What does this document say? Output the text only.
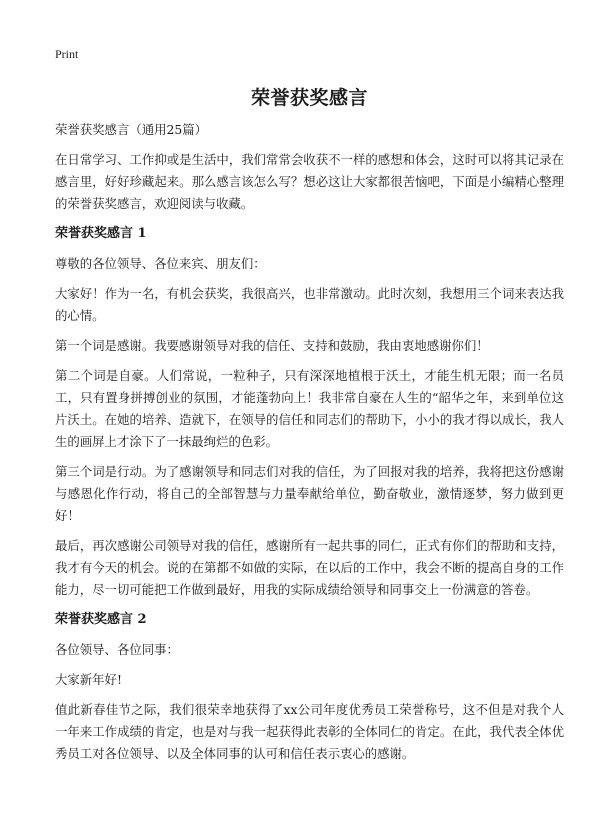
Print

荣誉获奖感言

荣誉获奖感言（通用25篇）

在日常学习、工作抑或是生活中，我们常常会收获不一样的感想和体会，这时可以将其记录在感言里，好好珍藏起来。那么感言该怎么写？想必这让大家都很苦恼吧，下面是小编精心整理的荣誉获奖感言，欢迎阅读与收藏。

荣誉获奖感言 1

尊敬的各位领导、各位来宾、朋友们：

大家好！作为一名，有机会获奖，我很高兴，也非常激动。此时次刻，我想用三个词来表达我的心情。

第一个词是感谢。我要感谢领导对我的信任、支持和鼓励，我由衷地感谢你们！

第二个词是自豪。人们常说，一粒种子，只有深深地植根于沃土，才能生机无限；而一名员工，只有置身拼搏创业的氛围，才能蓬勃向上！我非常自豪在人生的“韶华之年，来到单位这片沃土。在她的培养、造就下，在领导的信任和同志们的帮助下，小小的我才得以成长，我人生的画屏上才涂下了一抹最绚烂的色彩。

第三个词是行动。为了感谢领导和同志们对我的信任，为了回报对我的培养，我将把这份感谢与感恩化作行动，将自己的全部智慧与力量奉献给单位，勤奋敬业，激情逐梦，努力做到更好！

最后，再次感谢公司领导对我的信任，感谢所有一起共事的同仁，正式有你们的帮助和支持，我才有今天的机会。说的在第都不如做的实际，在以后的工作中，我会不断的提高自身的工作能力，尽一切可能把工作做到最好，用我的实际成绩给领导和同事交上一份满意的答卷。

荣誉获奖感言 2

各位领导、各位同事：

大家新年好!

值此新春佳节之际，我们很荣幸地获得了xx公司年度优秀员工荣誉称号，这不但是对我个人一年来工作成绩的肯定，也是对与我一起获得此表彰的全体同仁的肯定。在此，我代表全体优秀员工对各位领导、以及全体同事的认可和信任表示衷心的感谢。
